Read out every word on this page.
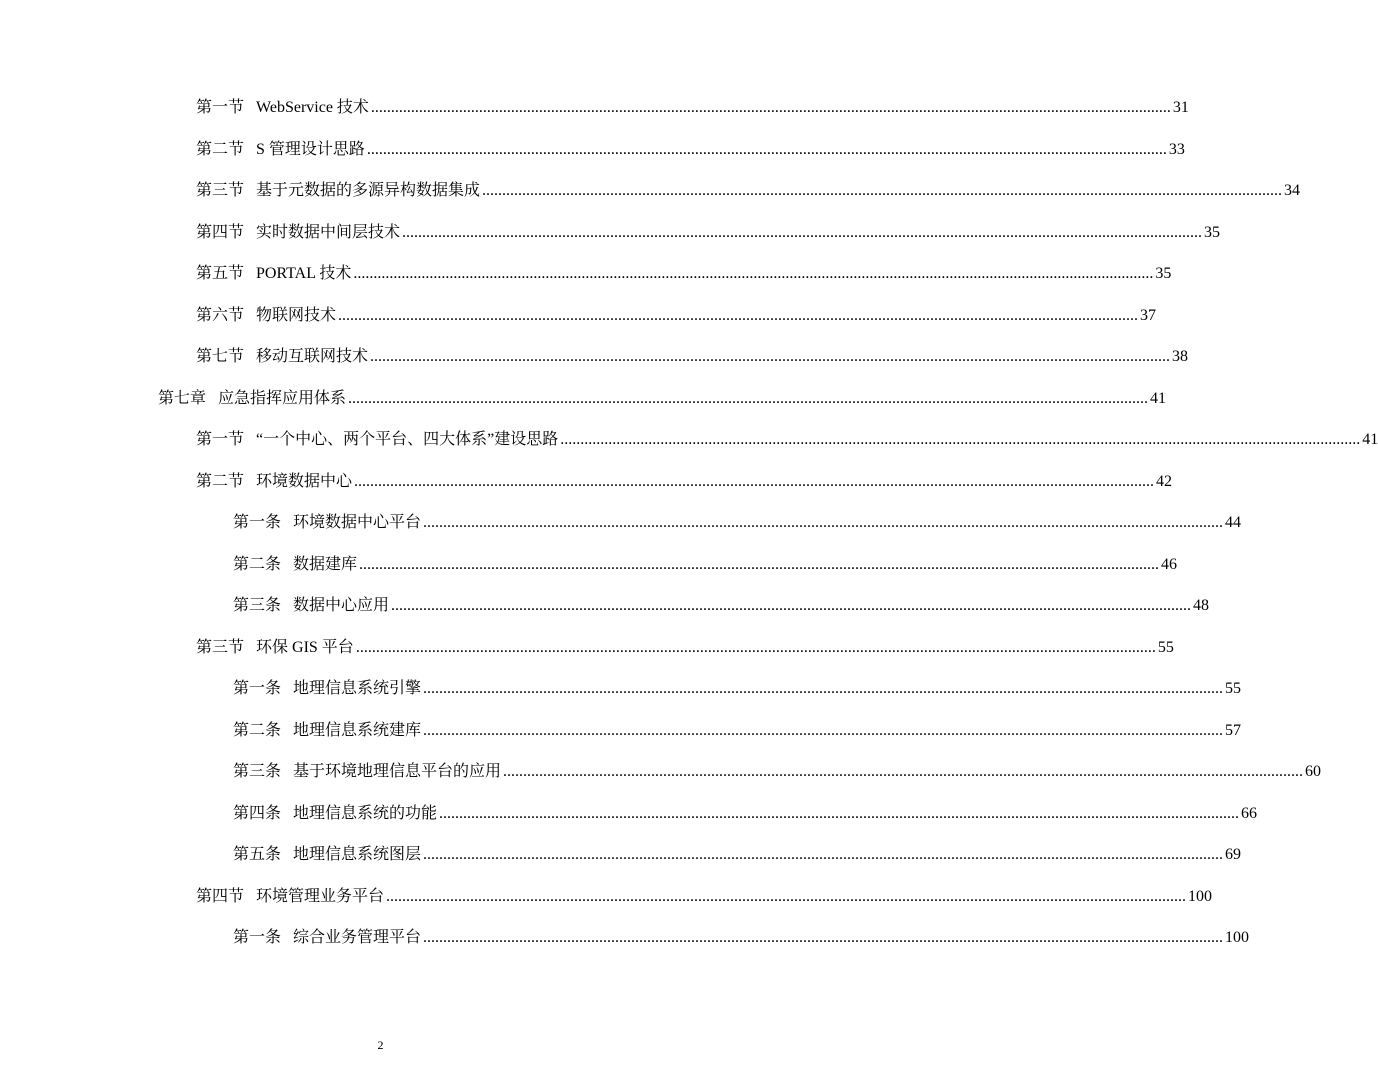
第一节 WebService 技术 ........................................................................................................................................................................................................ 31
第二节 S 管理设计思路 ........................................................................................................................................................................................................ 33
第三节 基于元数据的多源异构数据集成 ........................................................................................................................................................................................................ 34
第四节 实时数据中间层技术 ........................................................................................................................................................................................................ 35
第五节 PORTAL 技术 ........................................................................................................................................................................................................ 35
第六节 物联网技术 ........................................................................................................................................................................................................ 37
第七节 移动互联网技术 ........................................................................................................................................................................................................ 38
第七章 应急指挥应用体系 ........................................................................................................................................................................................................ 41
第一节 “一个中心、两个平台、四大体系”建设思路 ........................................................................................................................................................................................................ 41
第二节 环境数据中心 ........................................................................................................................................................................................................ 42
第一条 环境数据中心平台 ........................................................................................................................................................................................................ 44
第二条 数据建库 ........................................................................................................................................................................................................ 46
第三条 数据中心应用 ........................................................................................................................................................................................................ 48
第三节 环保 GIS 平台 ........................................................................................................................................................................................................ 55
第一条 地理信息系统引擎 ........................................................................................................................................................................................................ 55
第二条 地理信息系统建库 ........................................................................................................................................................................................................ 57
第三条 基于环境地理信息平台的应用 ........................................................................................................................................................................................................ 60
第四条 地理信息系统的功能 ........................................................................................................................................................................................................ 66
第五条 地理信息系统图层 ........................................................................................................................................................................................................ 69
第四节 环境管理业务平台 ........................................................................................................................................................................................................ 100
第一条 综合业务管理平台 ........................................................................................................................................................................................................ 100
2
